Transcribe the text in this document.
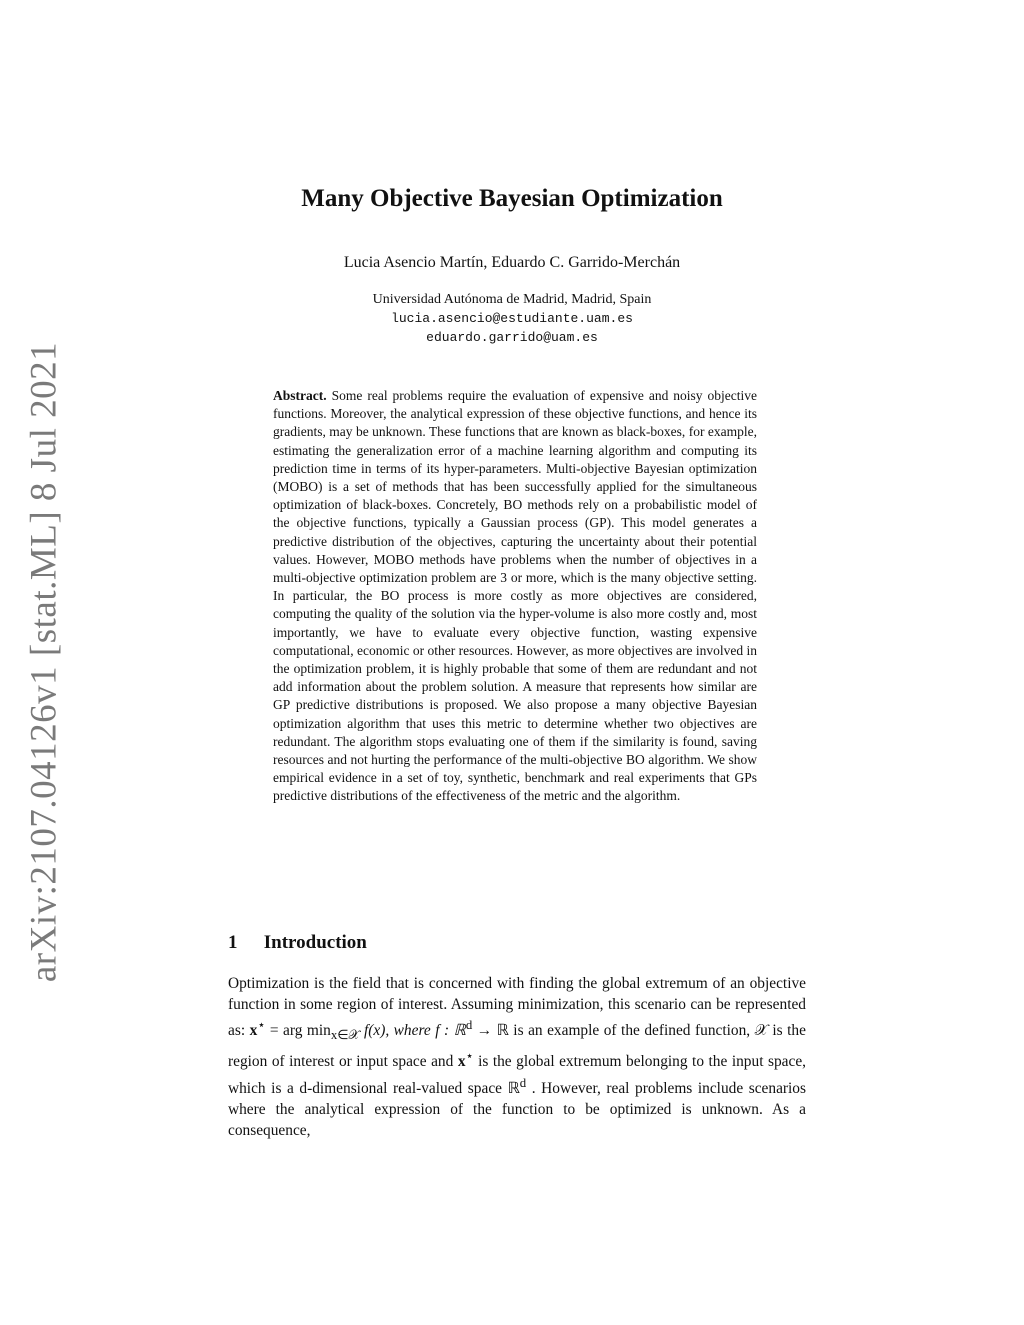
arXiv:2107.04126v1 [stat.ML] 8 Jul 2021
Many Objective Bayesian Optimization
Lucia Asencio Martín, Eduardo C. Garrido-Merchán
Universidad Autónoma de Madrid, Madrid, Spain
lucia.asencio@estudiante.uam.es
eduardo.garrido@uam.es
Abstract. Some real problems require the evaluation of expensive and noisy objective functions. Moreover, the analytical expression of these objective functions, and hence its gradients, may be unknown. These functions that are known as black-boxes, for example, estimating the generalization error of a machine learning algorithm and computing its prediction time in terms of its hyper-parameters. Multi-objective Bayesian optimization (MOBO) is a set of methods that has been successfully applied for the simultaneous optimization of black-boxes. Concretely, BO methods rely on a probabilistic model of the objective functions, typically a Gaussian process (GP). This model generates a predictive distribution of the objectives, capturing the uncertainty about their potential values. However, MOBO methods have problems when the number of objectives in a multi-objective optimization problem are 3 or more, which is the many objective setting. In particular, the BO process is more costly as more objectives are considered, computing the quality of the solution via the hyper-volume is also more costly and, most importantly, we have to evaluate every objective function, wasting expensive computational, economic or other resources. However, as more objectives are involved in the optimization problem, it is highly probable that some of them are redundant and not add information about the problem solution. A measure that represents how similar are GP predictive distributions is proposed. We also propose a many objective Bayesian optimization algorithm that uses this metric to determine whether two objectives are redundant. The algorithm stops evaluating one of them if the similarity is found, saving resources and not hurting the performance of the multi-objective BO algorithm. We show empirical evidence in a set of toy, synthetic, benchmark and real experiments that GPs predictive distributions of the effectiveness of the metric and the algorithm.
1 Introduction
Optimization is the field that is concerned with finding the global extremum of an objective function in some region of interest. Assuming minimization, this scenario can be represented as: x⋆ = arg $\min_{x\in 𝒳} f(x)$, where f : ℝ$^d$ → ℝ is an example of the defined function, 𝒳 is the region of interest or input space and x⋆ is the global extremum belonging to the input space, which is a d-dimensional real-valued space ℝ$^d$ . However, real problems include scenarios where the analytical expression of the function to be optimized is unknown. As a consequence,
